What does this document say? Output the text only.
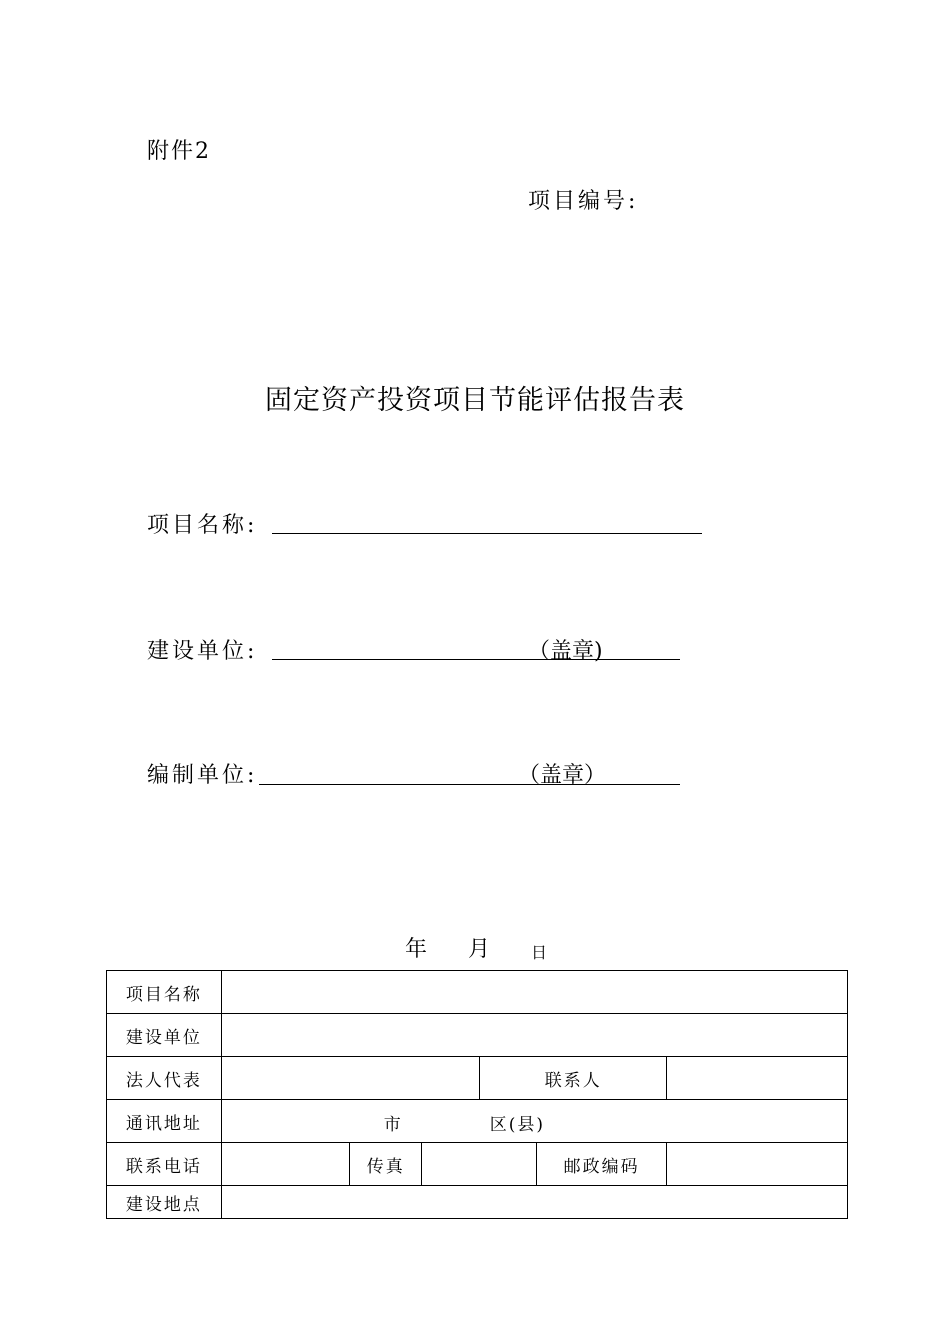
附件2
项目编号:
固定资产投资项目节能评估报告表
项目名称:
建设单位:	（盖章)
编制单位:	（盖章）
年 月	日
项目名称						
建设单位						
法人代表				联系人		
通讯地址	市 区(县)					

联系电话		传真			邮政编码	
建设地点						
